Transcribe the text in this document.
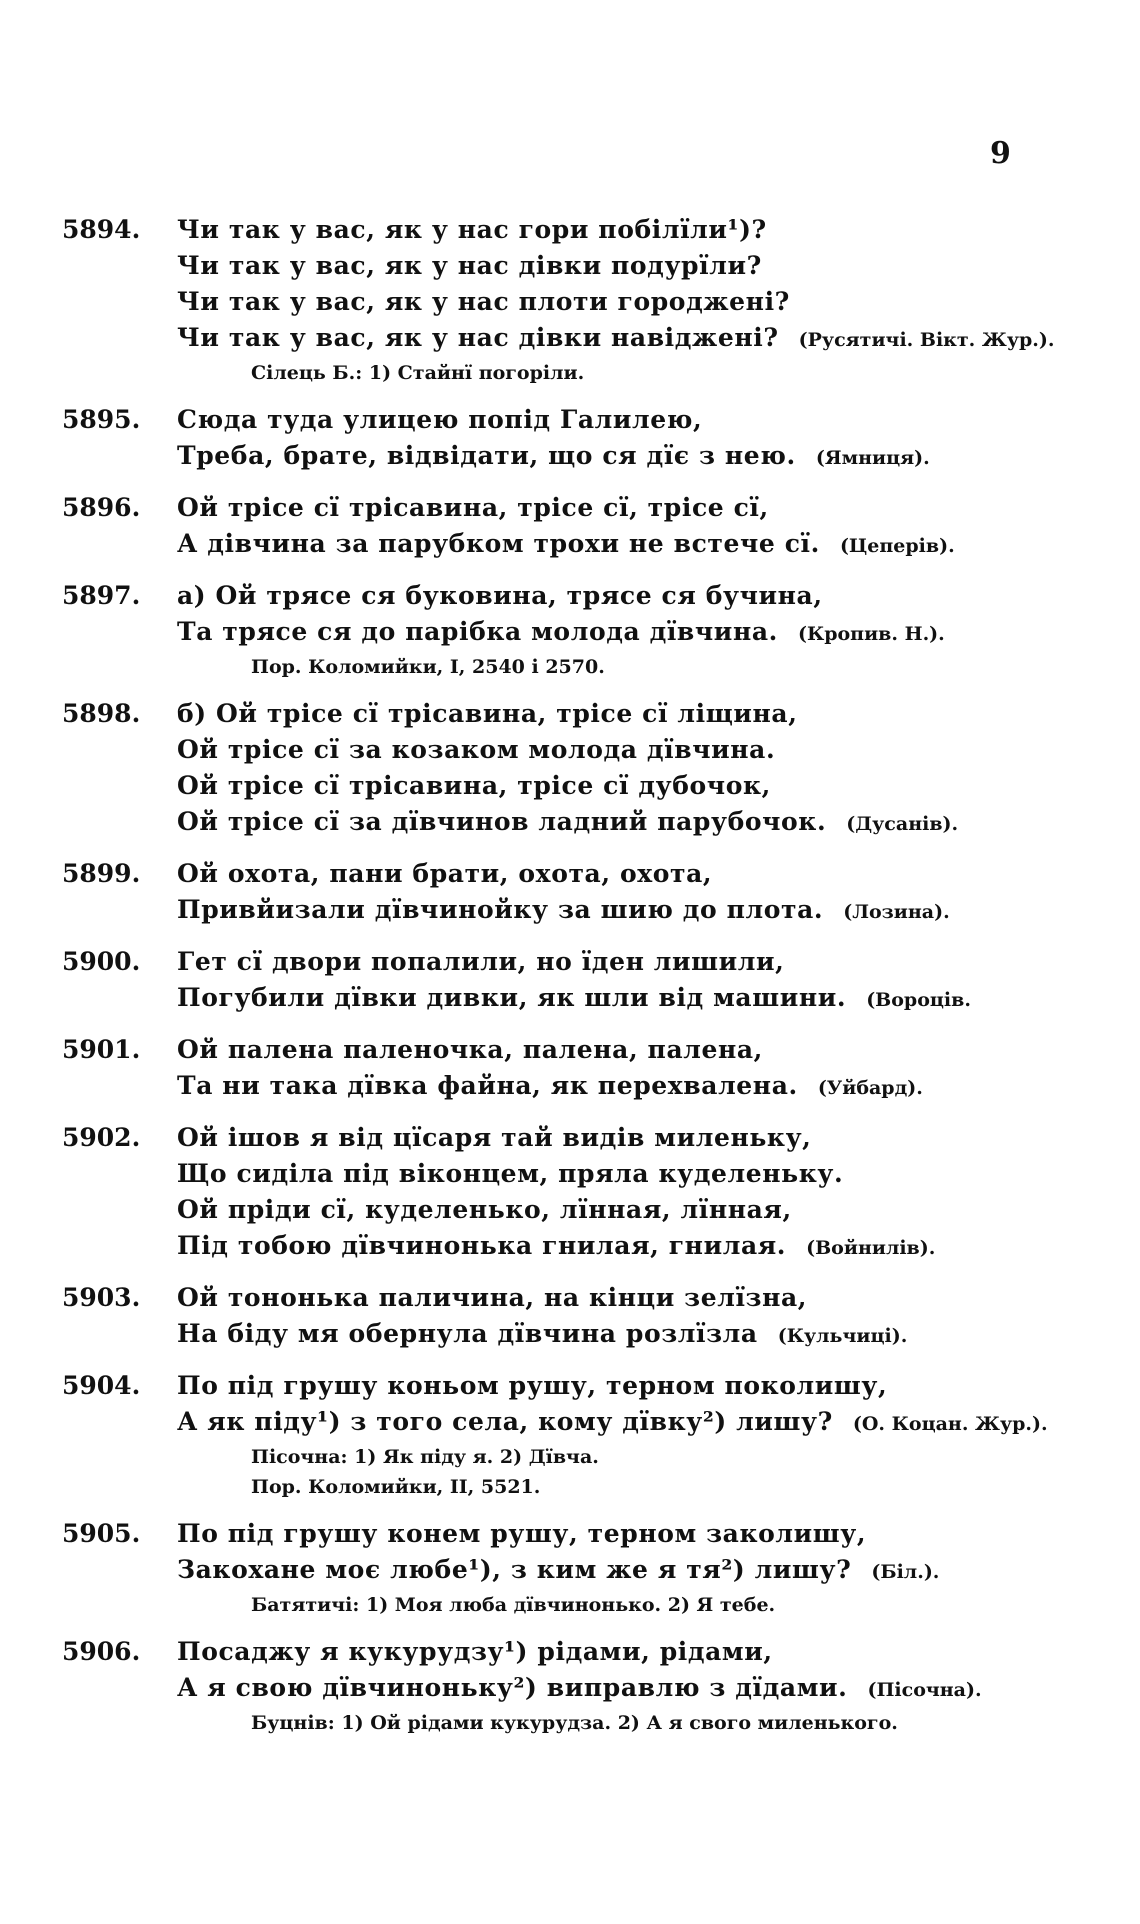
9
5894.	Чи так у вас, як у нас гори побілїли¹)?
Чи так у вас, як у нас дівки подурїли?
Чи так у вас, як у нас плоти городжені?
Чи так у вас, як у нас дівки навіджені? (Русятичі. Вікт. Жур.).
Сілець Б.: 1) Стайнї погоріли.
5895.	Сюда туда улицею попід Галилею,
Треба, брате, відвідати, що ся дїє з нею. (Ямниця).
5896.	Ой трісе сї трісавина, трісе сї, трісе сї,
А дівчина за парубком трохи не встече сї. (Цеперів).
5897.	а) Ой трясе ся буковина, трясе ся бучина,
Та трясе ся до парібка молода дївчина. (Кропив. Н.).
Пор. Коломийки, I, 2540 і 2570.
5898.	б) Ой трісе сї трісавина, трісе сї ліщина,
Ой трісе сї за козаком молода дївчина.
Ой трісе сї трісавина, трісе сї дубочок,
Ой трісе сї за дївчинов ладний парубочок. (Дусанів).
5899.	Ой охота, пани брати, охота, охота,
Привйизали дївчинойку за шию до плота. (Лозина).
5900.	Гет сї двори попалили, но їден лишили,
Погубили дївки дивки, як шли від машини. (Вороців.
5901.	Ой палена паленочка, палена, палена,
Та ни така дївка файна, як перехвалена. (Уйбард).
5902.	Ой ішов я від цїсаря тай видів миленьку,
Що сиділа під віконцем, пряла куделеньку.
Ой пріди сї, куделенько, лїнная, лїнная,
Під тобою дївчинонька гнилая, гнилая. (Войнилів).
5903.	Ой тононька паличина, на кінци зелїзна,
На біду мя обернула дївчина розлїзла (Кульчиці).
5904.	По під грушу коньом рушу, терном поколишу,
А як піду¹) з того села, кому дївку²) лишу? (О. Коцан. Жур.).
Пісочна: 1) Як піду я. 2) Дївча.
Пор. Коломийки, II, 5521.
5905.	По під грушу конем рушу, терном заколишу,
Закохане моє любе¹), з ким же я тя²) лишу? (Біл.).
Батятичі: 1) Моя люба дївчинонько. 2) Я тебе.
5906.	Посаджу я кукурудзу¹) рідами, рідами,
А я свою дївчиноньку²) виправлю з дїдами. (Пісочна).
Буцнів: 1) Ой рідами кукурудза. 2) А я свого миленького.
